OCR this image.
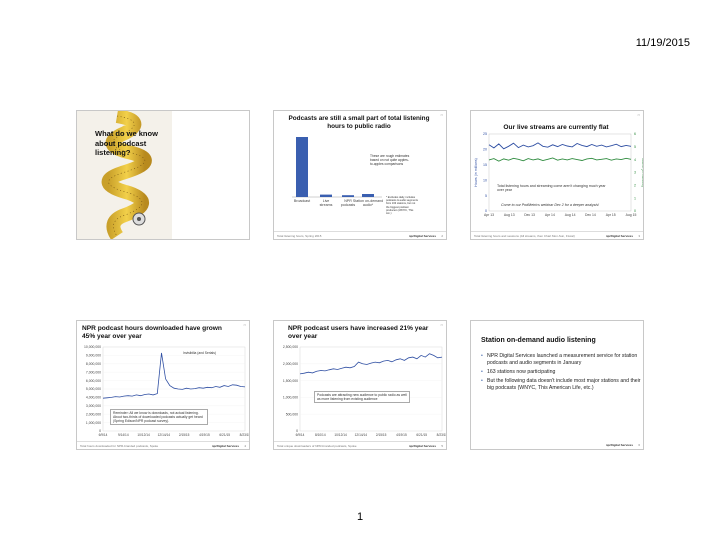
11/19/2015
What do we know about podcast listening?
▭
Podcasts are still a small part of total listening hours to public radio
Broadcast	Live
streams
NPR
podcasts
Station on-demand
audio*
These are rough estimates based on not quite apples-to-apples comparisons
* Excludes daily, includes podcasts & audio segments from 163 stations, but not the biggest podcast producers (WNYC, This Am.)
Total listening hours, Spring 2015	nprDigital Services 2
▭
Our live streams are currently flat
0
5
10
15
20
25
0
1
2
3
4
5
6
Apr 13	Aug 13	Dec 13	Apr 14	Aug 14	Dec 14	Apr 15	Aug 15
Hours (in millions)	Users (in millions)
Total listening hours and streaming come aren't changing much year over year
Come to our PodMetrics webinar Dec 2 for a deeper analysis!
Total listening hours and sessions (All streams, then Chart Mon-Sun, Fiscal)	nprDigital Services 3
▭
NPR podcast hours downloaded have grown 45% year over year
0
1,000,000
2,000,000
3,000,000
4,000,000
5,000,000
6,000,000
7,000,000
8,000,000
9,000,000
10,000,000
6/9/14	9/14/14	10/12/14 12/14/14	2/15/15	4/19/15	6/21/15	8/23/15
Invisibilia (and Serials)
Reminder: All we know is downloads, not actual listening. About two-thirds of downloaded podcasts actually get heard (Spring Edison/NPR podcast survey).
Total hours downloaded for NPR-branded podcasts, Spoke	nprDigital Services 4
▭
NPR podcast users have increased 21% year over year
0
500,000
1,000,000
1,500,000
2,000,000
2,500,000
6/9/14	8/10/14	10/12/14 12/14/14	2/15/15	4/19/15	6/21/15	8/23/15
Podcasts are attracting new audience to public radio as well as more listening from existing audience
Total unique downloaders of NPR-branded podcasts, Spoke	nprDigital Services 5
Station on-demand audio listening
• NPR Digital Services launched a measurement service for station podcasts and audio segments in January
• 163 stations now participating
• But the following data doesn't include most major stations and their big podcasts (WNYC, This American Life, etc.)
nprDigital Services 6
1
